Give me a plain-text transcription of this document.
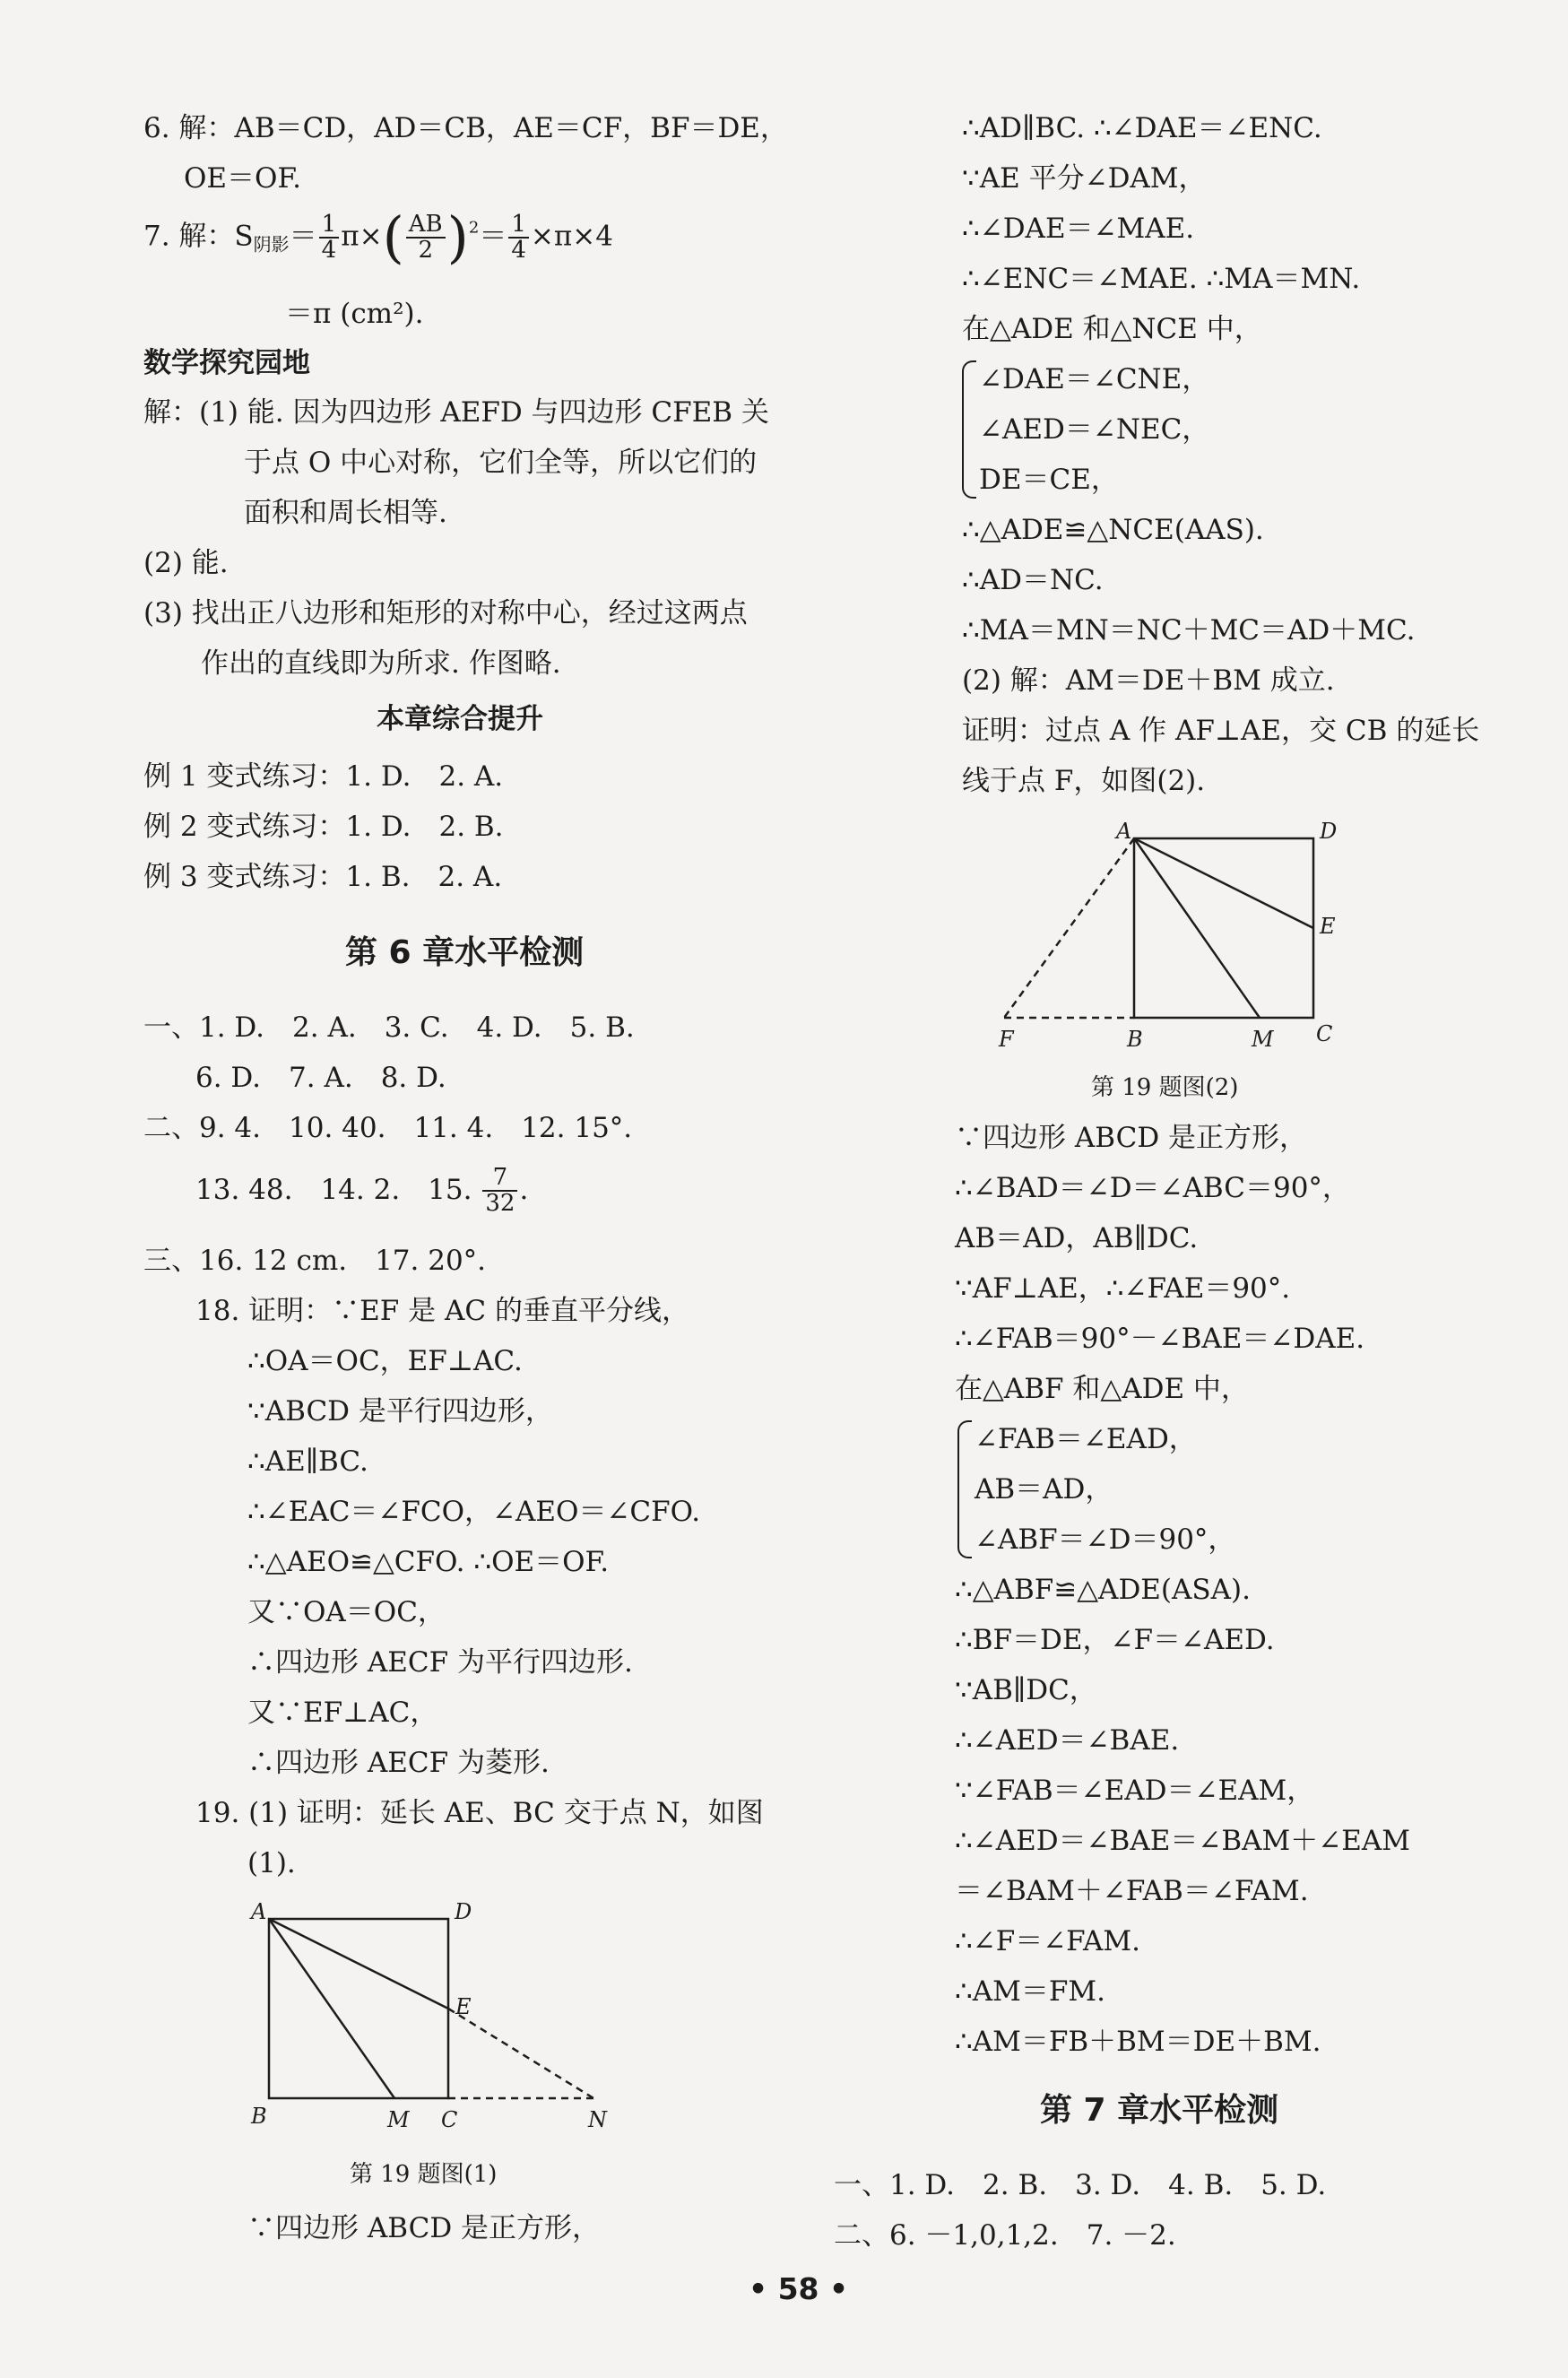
6. 解：AB＝CD，AD＝CB，AE＝CF，BF＝DE，
OE＝OF.
7. 解：$S_{阴影}= \frac{1}{4} \pi\times( \frac{AB}{2} )^2= \frac{1}{4} \times\pi\times 4$
＝π (cm²).
数学探究园地
解：(1) 能. 因为四边形 AEFD 与四边形 CFEB 关
于点 O 中心对称，它们全等，所以它们的
面积和周长相等.
(2) 能.
(3) 找出正八边形和矩形的对称中心，经过这两点
作出的直线即为所求. 作图略.
本章综合提升
例 1 变式练习：1. D.　2. A.
例 2 变式练习：1. D.　2. B.
例 3 变式练习：1. B.　2. A.
第 6 章水平检测
一、1. D.　2. A.　3. C.　4. D.　5. B.
6. D.　7. A.　8. D.
二、9. 4.　10. 40.　11. 4.　12. 15°.
13. 48.　14. 2.　15. $\frac{7}{32}$ .
三、16. 12 cm.　17. 20°.
18. 证明：∵EF 是 AC 的垂直平分线，
∴OA＝OC，EF⊥AC.
∵ABCD 是平行四边形，
∴AE∥BC.
∴∠EAC＝∠FCO，∠AEO＝∠CFO.
∴△AEO≌△CFO. ∴OE＝OF.
又∵OA＝OC，
∴四边形 AECF 为平行四边形.
又∵EF⊥AC，
∴四边形 AECF 为菱形.
19. (1) 证明：延长 AE、BC 交于点 N，如图
(1).
A	D
E
B	M C	N
第 19 题图(1)
∵四边形 ABCD 是正方形，
∴AD∥BC. ∴∠DAE＝∠ENC.
∵AE 平分∠DAM，
∴∠DAE＝∠MAE.
∴∠ENC＝∠MAE. ∴MA＝MN.
在△ADE 和△NCE 中，
∠DAE＝∠CNE，
∠AED＝∠NEC，
DE＝CE，
∴△ADE≌△NCE(AAS).
∴AD＝NC.
∴MA＝MN＝NC＋MC＝AD＋MC.
(2) 解：AM＝DE＋BM 成立.
证明：过点 A 作 AF⊥AE，交 CB 的延长
线于点 F，如图(2).
A	D
E
F	B	M C
第 19 题图(2)
∵四边形 ABCD 是正方形，
∴∠BAD＝∠D＝∠ABC＝90°，
AB＝AD，AB∥DC.
∵AF⊥AE，∴∠FAE＝90°.
∴∠FAB＝90°－∠BAE＝∠DAE.
在△ABF 和△ADE 中，
∠FAB＝∠EAD，
AB＝AD，
∠ABF＝∠D＝90°，
∴△ABF≌△ADE(ASA).
∴BF＝DE，∠F＝∠AED.
∵AB∥DC，
∴∠AED＝∠BAE.
∵∠FAB＝∠EAD＝∠EAM，
∴∠AED＝∠BAE＝∠BAM＋∠EAM
＝∠BAM＋∠FAB＝∠FAM.
∴∠F＝∠FAM.
∴AM＝FM.
∴AM＝FB＋BM＝DE＋BM.
第 7 章水平检测
一、1. D.　2. B.　3. D.　4. B.　5. D.
二、6. －1,0,1,2.　7. －2.
• 58 •
